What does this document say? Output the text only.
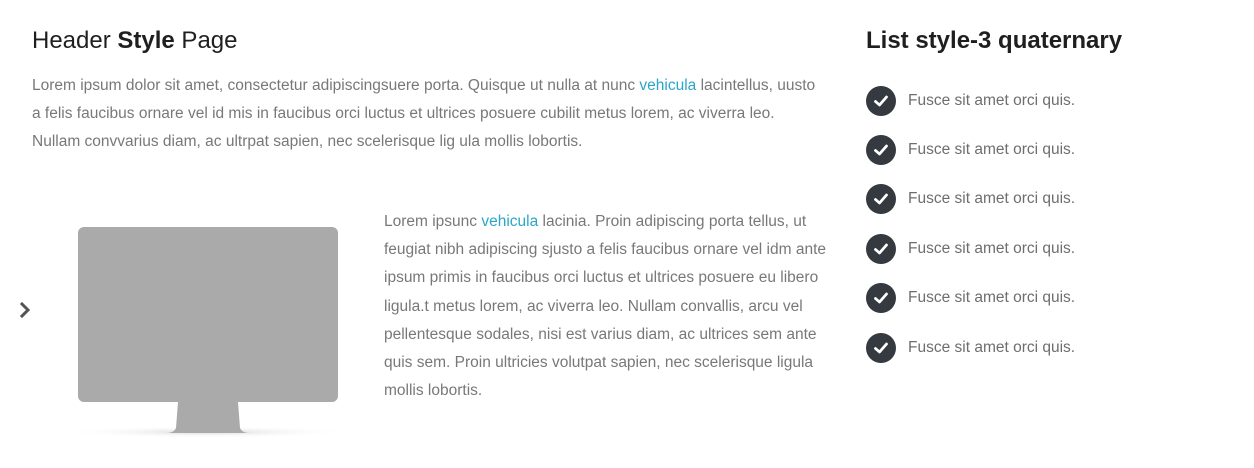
Header Style Page

Lorem ipsum dolor sit amet, consectetur adipiscingsuere porta. Quisque ut nulla at nunc vehicula lacintellus, uusto a felis faucibus ornare vel id mis in faucibus orci luctus et ultrices posuere cubilit metus lorem, ac viverra leo. Nullam convvarius diam, ac ultrpat sapien, nec scelerisque lig ula mollis lobortis.

Lorem ipsunc vehicula lacinia. Proin adipiscing porta tellus, ut feugiat nibh adipiscing sjusto a felis faucibus ornare vel idm ante ipsum primis in faucibus orci luctus et ultrices posuere eu libero ligula.t metus lorem, ac viverra leo. Nullam convallis, arcu vel pellentesque sodales, nisi est varius diam, ac ultrices sem ante quis sem. Proin ultricies volutpat sapien, nec scelerisque ligula mollis lobortis.

List style-3 quaternary
Fusce sit amet orci quis.
Fusce sit amet orci quis.
Fusce sit amet orci quis.
Fusce sit amet orci quis.
Fusce sit amet orci quis.
Fusce sit amet orci quis.
